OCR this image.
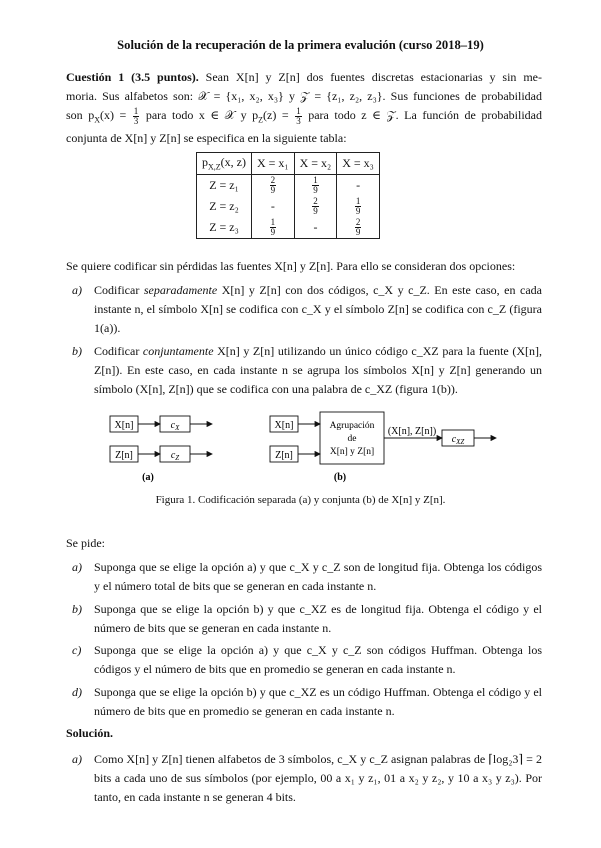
Solución de la recuperación de la primera evalución (curso 2018–19)
Cuestión 1 (3.5 puntos). Sean X[n] y Z[n] dos fuentes discretas estacionarias y sin me-
moria. Sus alfabetos son: 𝒳 = {x₁, x₂, x₃} y 𝒵 = {z₁, z₂, z₃}. Sus funciones de probabilidad
son $p_X(x) = \frac{1}{3}$ para todo x ∈ 𝒳 y $p_Z(z) = \frac{1}{3}$ para todo z ∈ 𝒵. La función de probabilidad
conjunta de X[n] y Z[n] se especifica en la siguiente tabla:
$p_{X,Z}(x$, z)	X = x₁	X = x₂	X = x₃
Z = z₁	$\frac{2}{9}$	$\frac{1}{9}$	-
Z = z₂	-	$\frac{2}{9}$	$\frac{1}{9}$

Z = z₃	$\frac{1}{9}$	-	$\frac{2}{9}$
Se quiere codificar sin pérdidas las fuentes X[n] y Z[n]. Para ello se consideran dos opciones:
a) Codificar separadamente X[n] y Z[n] con dos códigos, c_X y c_Z. En este caso, en cada instante n, el símbolo X[n] se codifica con c_X y el símbolo Z[n] se codifica con c_Z (figura 1(a)).
b) Codificar conjuntamente X[n] y Z[n] utilizando un único código c_XZ para la fuente (X[n], Z[n]). En este caso, en cada instante n se agrupa los símbolos X[n] y Z[n] generando un símbolo (X[n], Z[n]) que se codifica con una palabra de c_XZ (figura 1(b)).
X[n]	$c_X$
Z[n]	$c_Z$
(a)
X[n]
Z[n]
Agrupación
de
X[n] y Z[n]
(X[n], Z[n])
$c_{XZ}$
(b)
Figura 1. Codificación separada (a) y conjunta (b) de X[n] y Z[n].
Se pide:
a) Suponga que se elige la opción a) y que c_X y c_Z son de longitud fija. Obtenga los códigos y el número total de bits que se generan en cada instante n.
b) Suponga que se elige la opción b) y que c_XZ es de longitud fija. Obtenga el código y el número de bits que se generan en cada instante n.
c) Suponga que se elige la opción a) y que c_X y c_Z son códigos Huffman. Obtenga los códigos y el número de bits que en promedio se generan en cada instante n.
d) Suponga que se elige la opción b) y que c_XZ es un código Huffman. Obtenga el código y el número de bits que en promedio se generan en cada instante n.
Solución.
a) Como X[n] y Z[n] tienen alfabetos de 3 símbolos, c_X y c_Z asignan palabras de ⌈log₂3⌉ = 2 bits a cada uno de sus símbolos (por ejemplo, 00 a x₁ y z₁, 01 a x₂ y z₂, y 10 a x₃ y z₃). Por tanto, en cada instante n se generan 4 bits.
